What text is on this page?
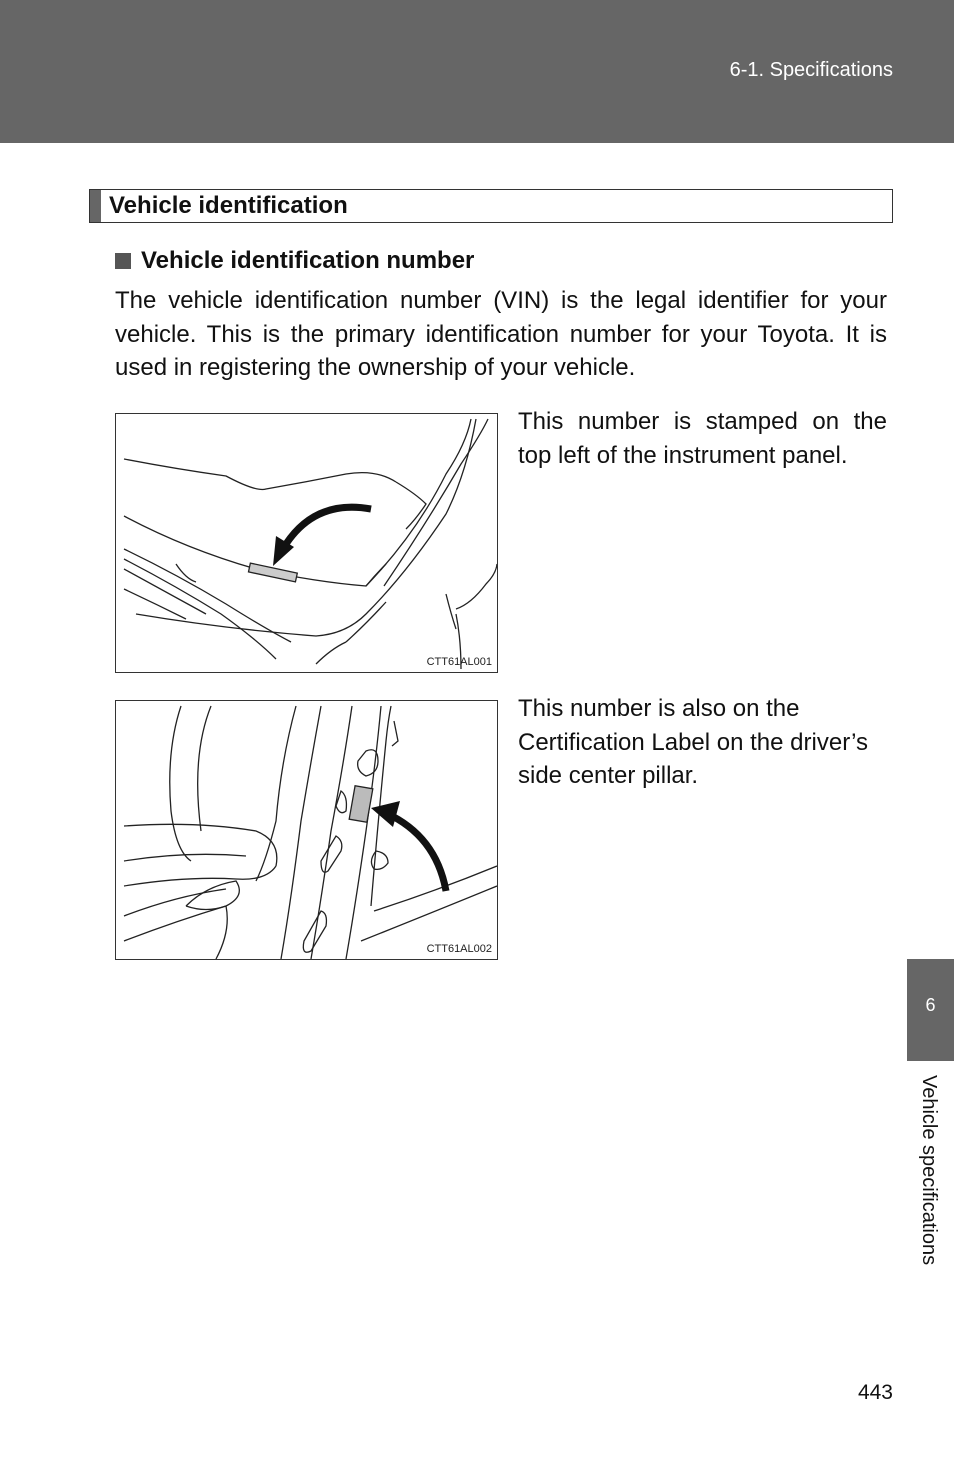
6-1. Specifications
Vehicle identification
Vehicle identification number
The vehicle identification number (VIN) is the legal identifier for your vehicle. This is the primary identification number for your Toyota. It is used in registering the ownership of your vehicle.
CTT61AL001
This number is stamped on the top left of the instrument panel.
CTT61AL002
This number is also on the Certification Label on the driver’s side center pillar.
6
Vehicle specifications
443
